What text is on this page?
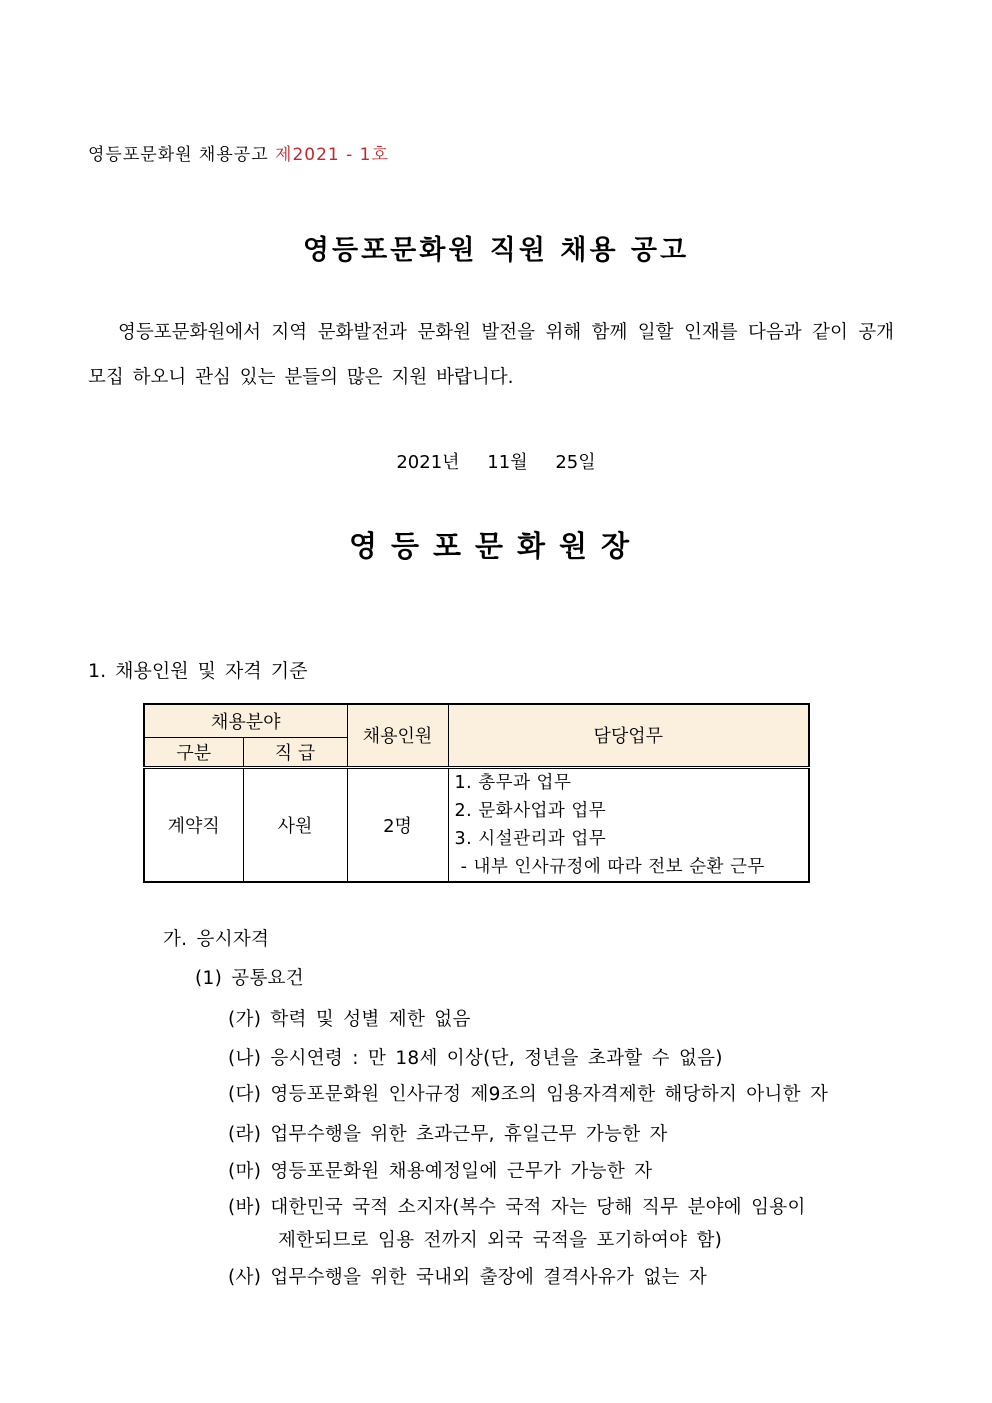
영등포문화원 채용공고 제2021 - 1호
영등포문화원 직원 채용 공고
영등포문화원에서 지역 문화발전과 문화원 발전을 위해 함께 일할 인재를 다음과 같이 공개모집 하오니 관심 있는 분들의 많은 지원 바랍니다.
2021년 11월 25일
영등포문화원장
1. 채용인원 및 자격 기준
채용분야		채용인원	담당업무
구분	직 급		
계약직	사원	2명	1. 총무과 업무
2. 문화사업과 업무
3. 시설관리과 업무
- 내부 인사규정에 따라 전보 순환 근무
가. 응시자격
(1) 공통요건
(가) 학력 및 성별 제한 없음
(나) 응시연령 : 만 18세 이상(단, 정년을 초과할 수 없음)
(다) 영등포문화원 인사규정 제9조의 임용자격제한 해당하지 아니한 자
(라) 업무수행을 위한 초과근무, 휴일근무 가능한 자
(마) 영등포문화원 채용예정일에 근무가 가능한 자
(바) 대한민국 국적 소지자(복수 국적 자는 당해 직무 분야에 임용이
제한되므로 임용 전까지 외국 국적을 포기하여야 함)
(사) 업무수행을 위한 국내외 출장에 결격사유가 없는 자
